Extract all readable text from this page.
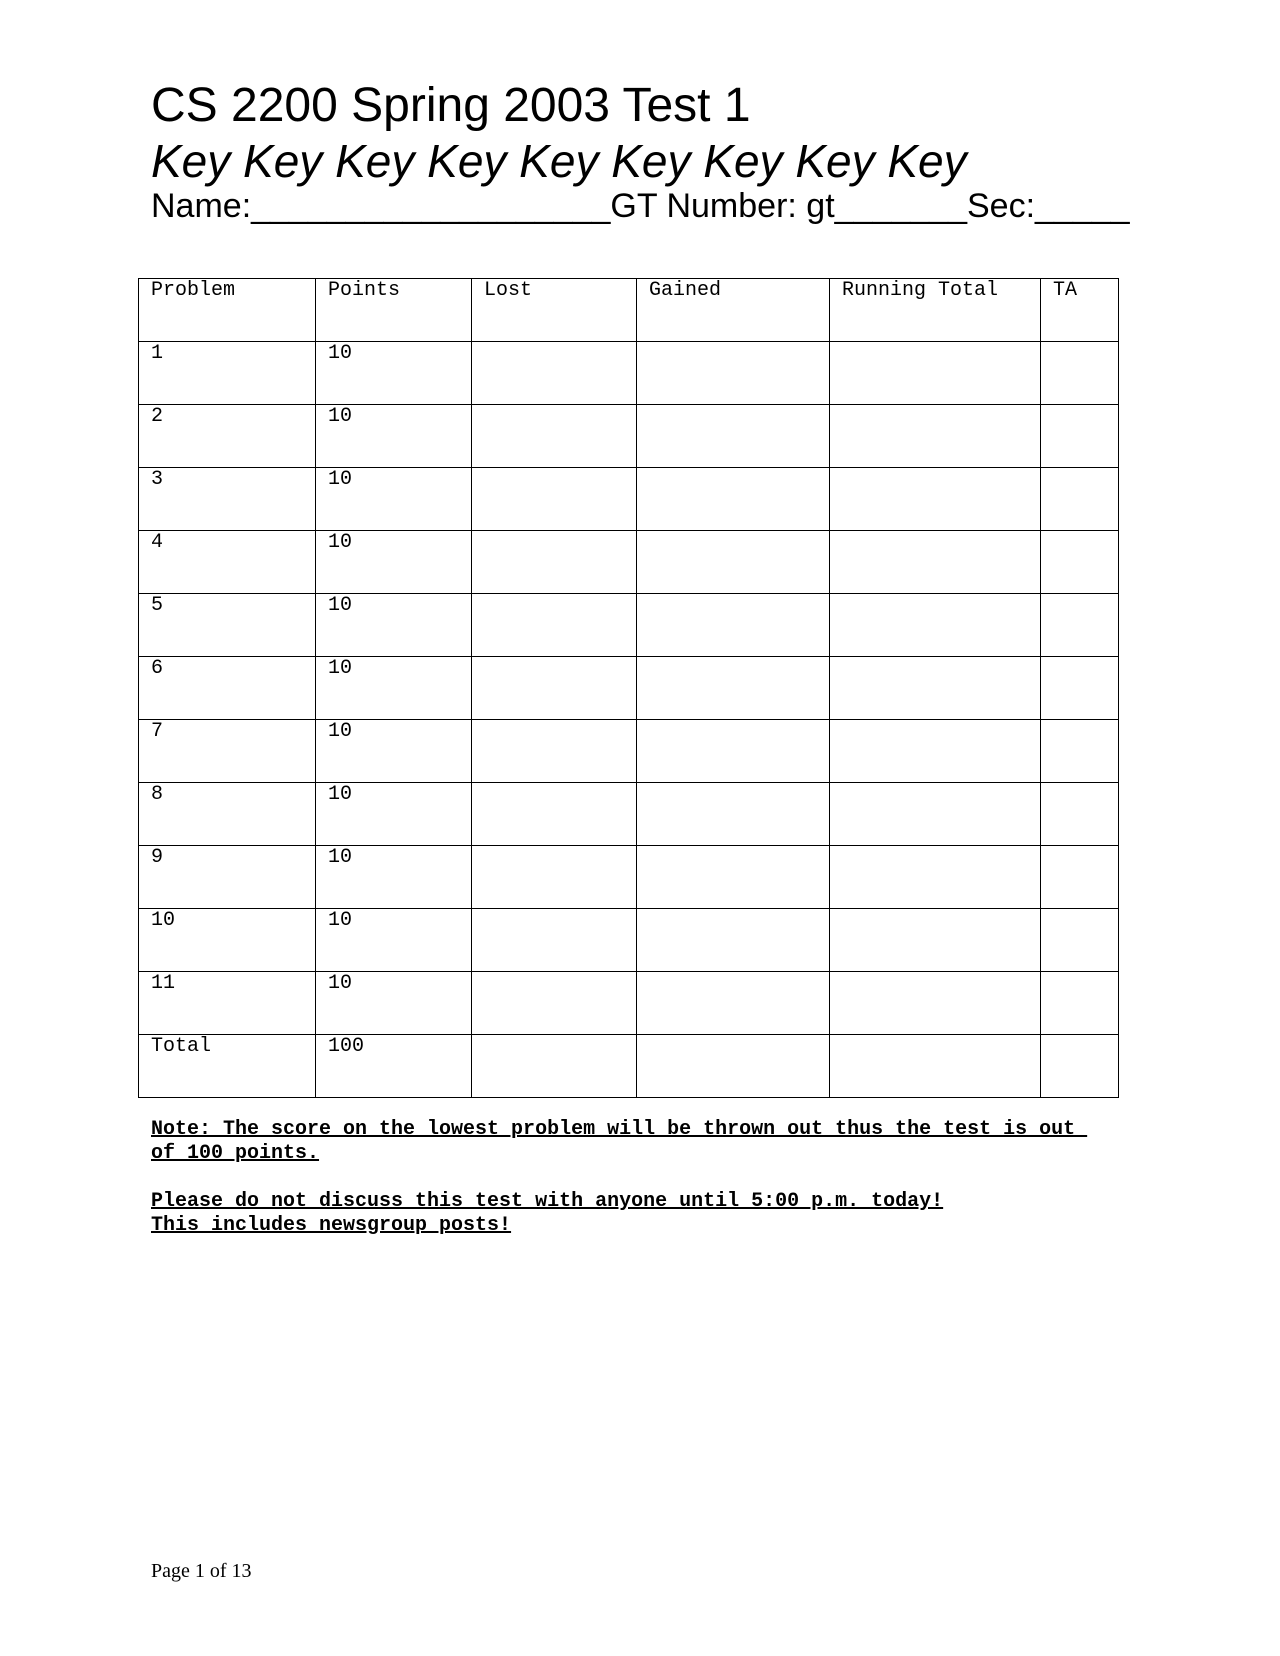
CS 2200 Spring 2003 Test 1
Key Key Key Key Key Key Key Key Key
Name:___________________GT Number: gt_______Sec:_____
Problem	Points	Lost	Gained	Running Total	TA
1	10				
2	10				
3	10				
4	10				
5	10				
6	10				
7	10				
8	10				
9	10				
10	10				
11	10				
Total	100				
Note: The score on the lowest problem will be thrown out thus the test is out
of 100 points.
Please do not discuss this test with anyone until 5:00 p.m. today!
This includes newsgroup posts!
Page 1 of 13
